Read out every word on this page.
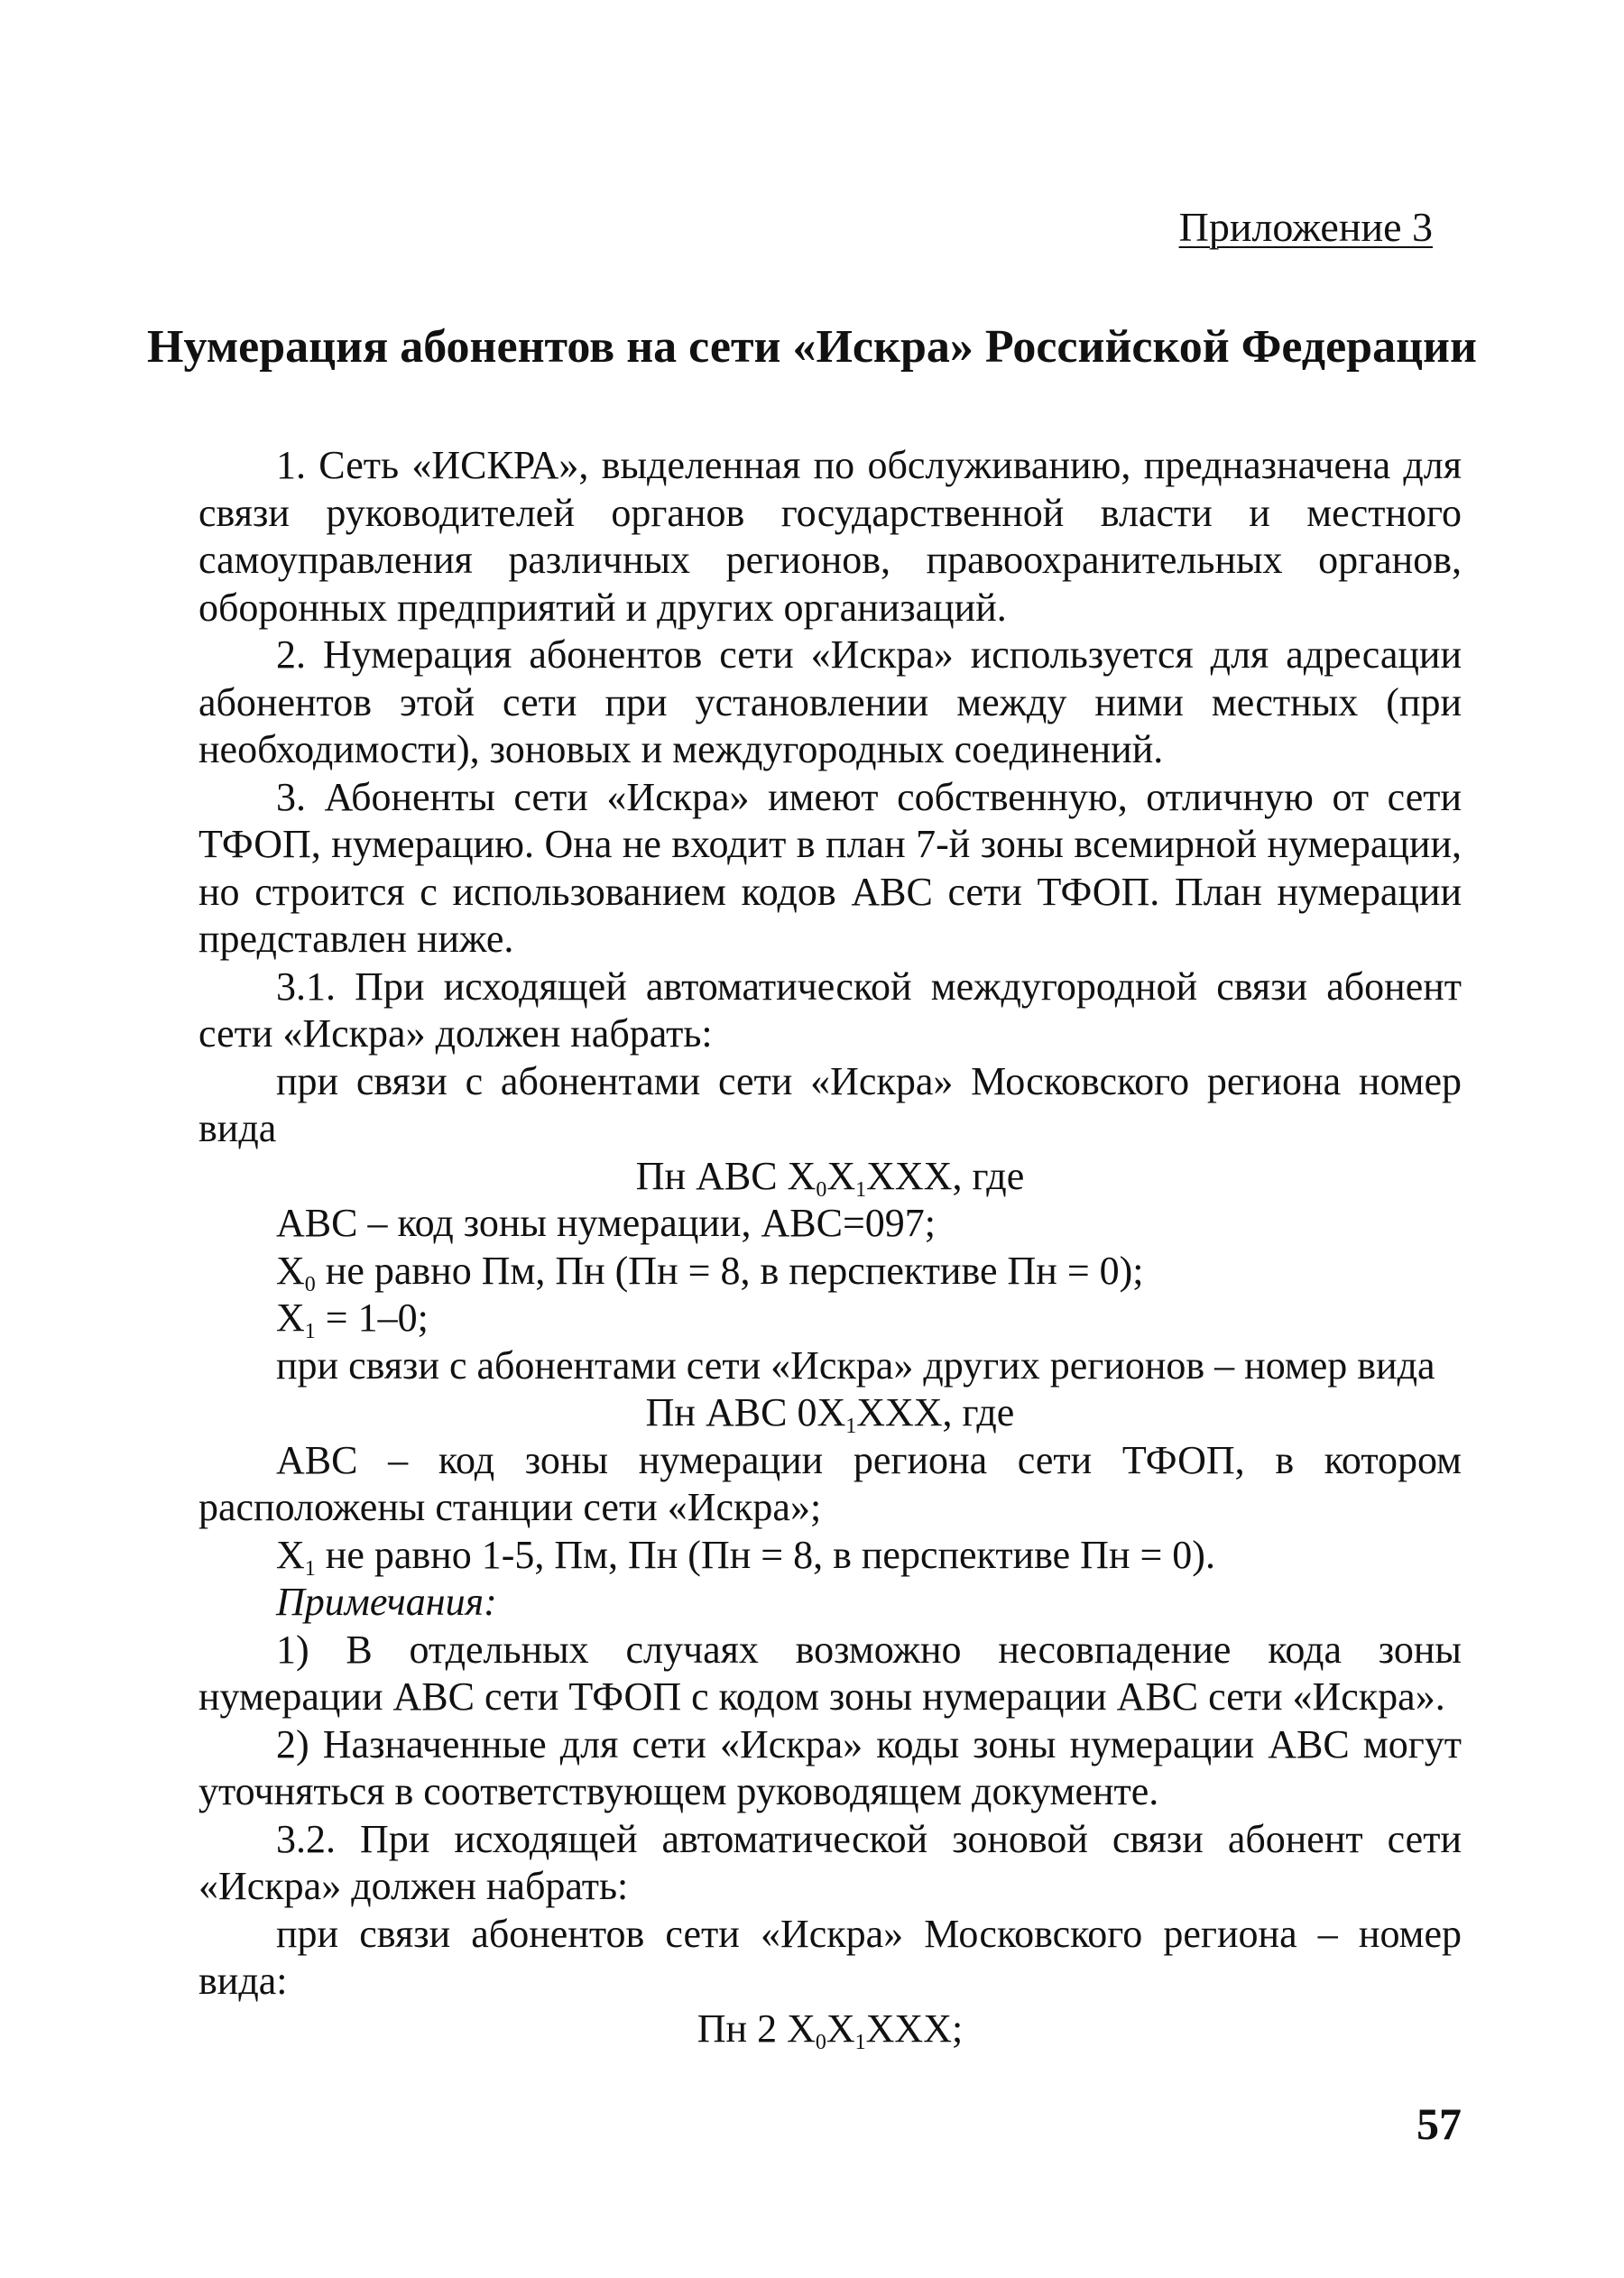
Приложение 3
Нумерация абонентов на сети «Искра» Российской Федерации

1. Сеть «ИСКРА», выделенная по обслуживанию, предназначена для связи руководителей органов государственной власти и местного самоуправления различных регионов, правоохранительных органов, оборонных предприятий и других организаций.

2. Нумерация абонентов сети «Искра» используется для адресации абонентов этой сети при установлении между ними местных (при необходимости), зоновых и междугородных соединений.

3. Абоненты сети «Искра» имеют собственную, отличную от сети ТФОП, нумерацию. Она не входит в план 7-й зоны всемирной нумерации, но строится с использованием кодов АВС сети ТФОП. План нумерации представлен ниже.

3.1. При исходящей автоматической междугородной связи абонент сети «Искра» должен набрать:

при связи с абонентами сети «Искра» Московского региона номер вида

Пн АВС $X_0X_1XXX$, где

АВС – код зоны нумерации, АВС=097;

$X_0$ не равно Пм, Пн (Пн = 8, в перспективе Пн = 0);

$X_1 = 1-0$;

при связи с абонентами сети «Искра» других регионов – номер вида

Пн АВС $0X_1XXX$, где

АВС – код зоны нумерации региона сети ТФОП, в котором расположены станции сети «Искра»;

$X_1$ не равно 1-5, Пм, Пн (Пн = 8, в перспективе Пн = 0).

Примечания:

1) В отдельных случаях возможно несовпадение кода зоны нумерации АВС сети ТФОП с кодом зоны нумерации АВС сети «Искра».

2) Назначенные для сети «Искра» коды зоны нумерации АВС могут уточняться в соответствующем руководящем документе.

3.2. При исходящей автоматической зоновой связи абонент сети «Искра» должен набрать:

при связи абонентов сети «Искра» Московского региона – номер вида:

Пн 2 $X_0X_1XXX$;

57
